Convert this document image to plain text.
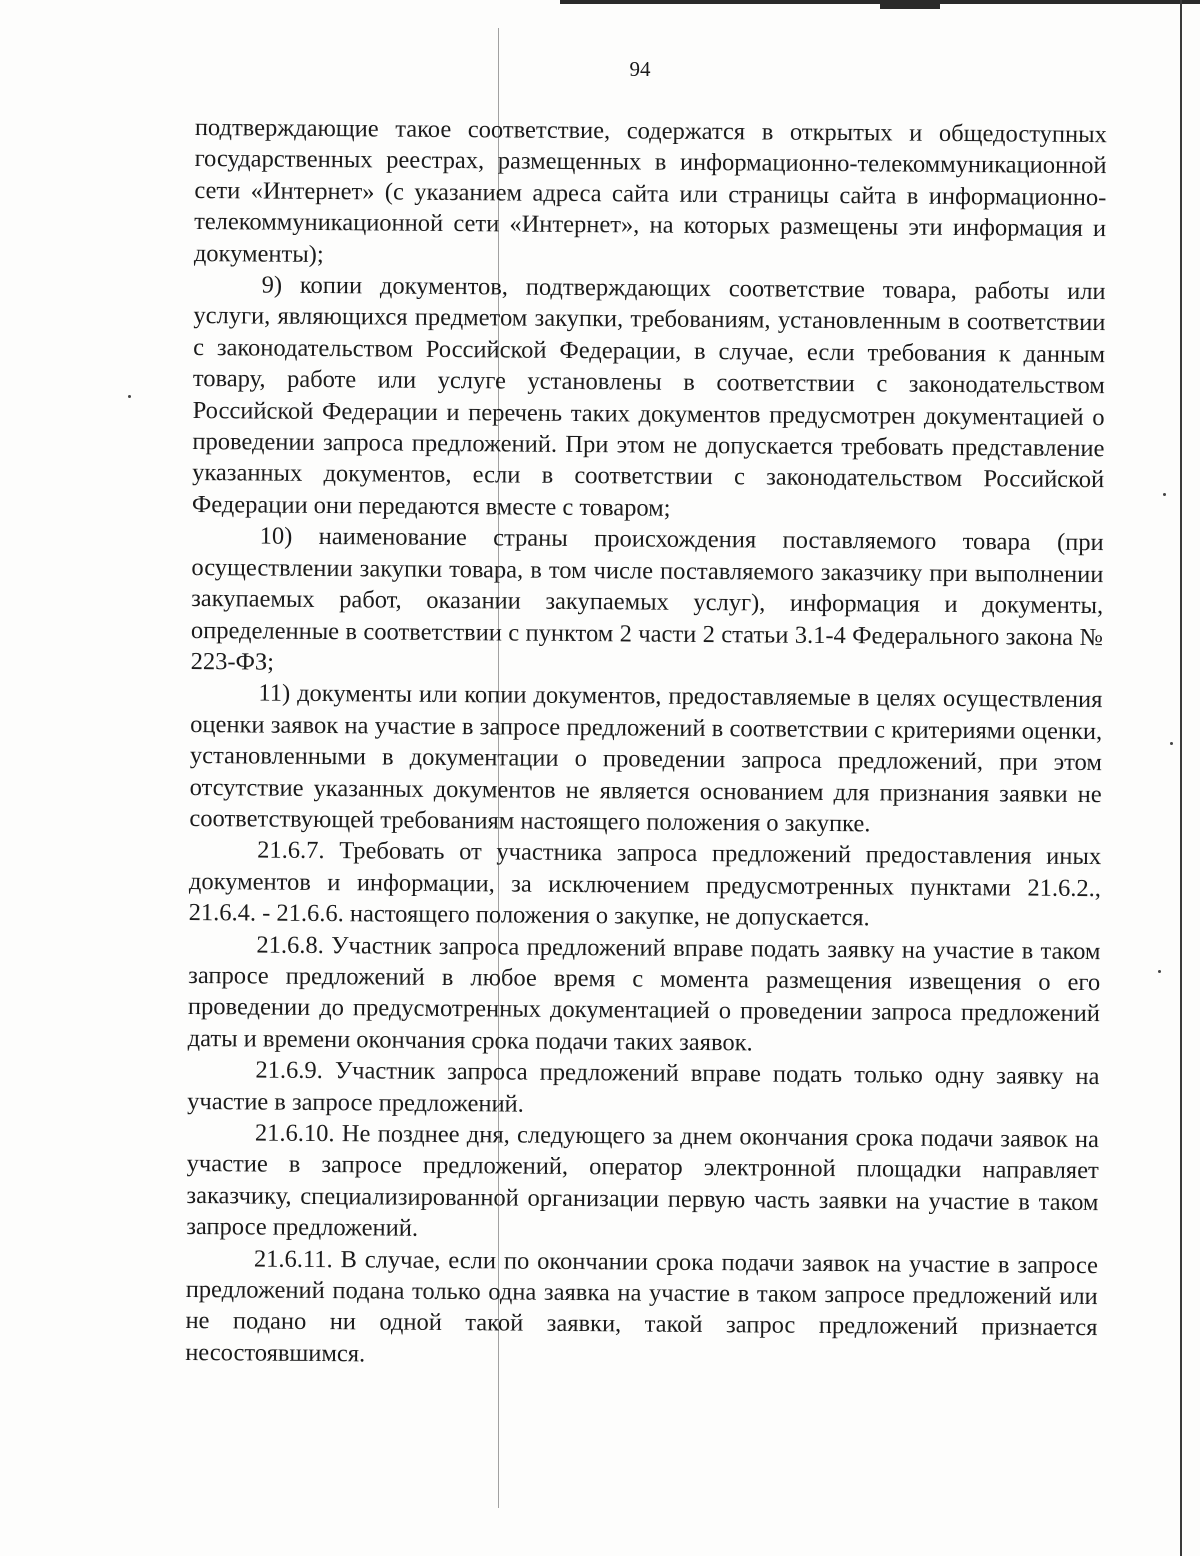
94

подтверждающие такое соответствие, содержатся в открытых и общедоступных государственных реестрах, размещенных в информационно-телекоммуникационной сети «Интернет» (с указанием адреса сайта или страницы сайта в информационно-телекоммуникационной сети «Интернет», на которых размещены эти информация и документы);

9) копии документов, подтверждающих соответствие товара, работы или услуги, являющихся предметом закупки, требованиям, установленным в соответствии с законодательством Российской Федерации, в случае, если требования к данным товару, работе или услуге установлены в соответствии с законодательством Российской Федерации и перечень таких документов предусмотрен документацией о проведении запроса предложений. При этом не допускается требовать представление указанных документов, если в соответствии с законодательством Российской Федерации они передаются вместе с товаром;

10) наименование страны происхождения поставляемого товара (при осуществлении закупки товара, в том числе поставляемого заказчику при выполнении закупаемых работ, оказании закупаемых услуг), информация и документы, определенные в соответствии с пунктом 2 части 2 статьи 3.1-4 Федерального закона № 223-ФЗ;

11) документы или копии документов, предоставляемые в целях осуществления оценки заявок на участие в запросе предложений в соответствии с критериями оценки, установленными в документации о проведении запроса предложений, при этом отсутствие указанных документов не является основанием для признания заявки не соответствующей требованиям настоящего положения о закупке.

21.6.7. Требовать от участника запроса предложений предоставления иных документов и информации, за исключением предусмотренных пунктами 21.6.2., 21.6.4. - 21.6.6. настоящего положения о закупке, не допускается.

21.6.8. Участник запроса предложений вправе подать заявку на участие в таком запросе предложений в любое время с момента размещения извещения о его проведении до предусмотренных документацией о проведении запроса предложений даты и времени окончания срока подачи таких заявок.

21.6.9. Участник запроса предложений вправе подать только одну заявку на участие в запросе предложений.

21.6.10. Не позднее дня, следующего за днем окончания срока подачи заявок на участие в запросе предложений, оператор электронной площадки направляет заказчику, специализированной организации первую часть заявки на участие в таком запросе предложений.

21.6.11. В случае, если по окончании срока подачи заявок на участие в запросе предложений подана только одна заявка на участие в таком запросе предложений или не подано ни одной такой заявки, такой запрос предложений признается несостоявшимся.
